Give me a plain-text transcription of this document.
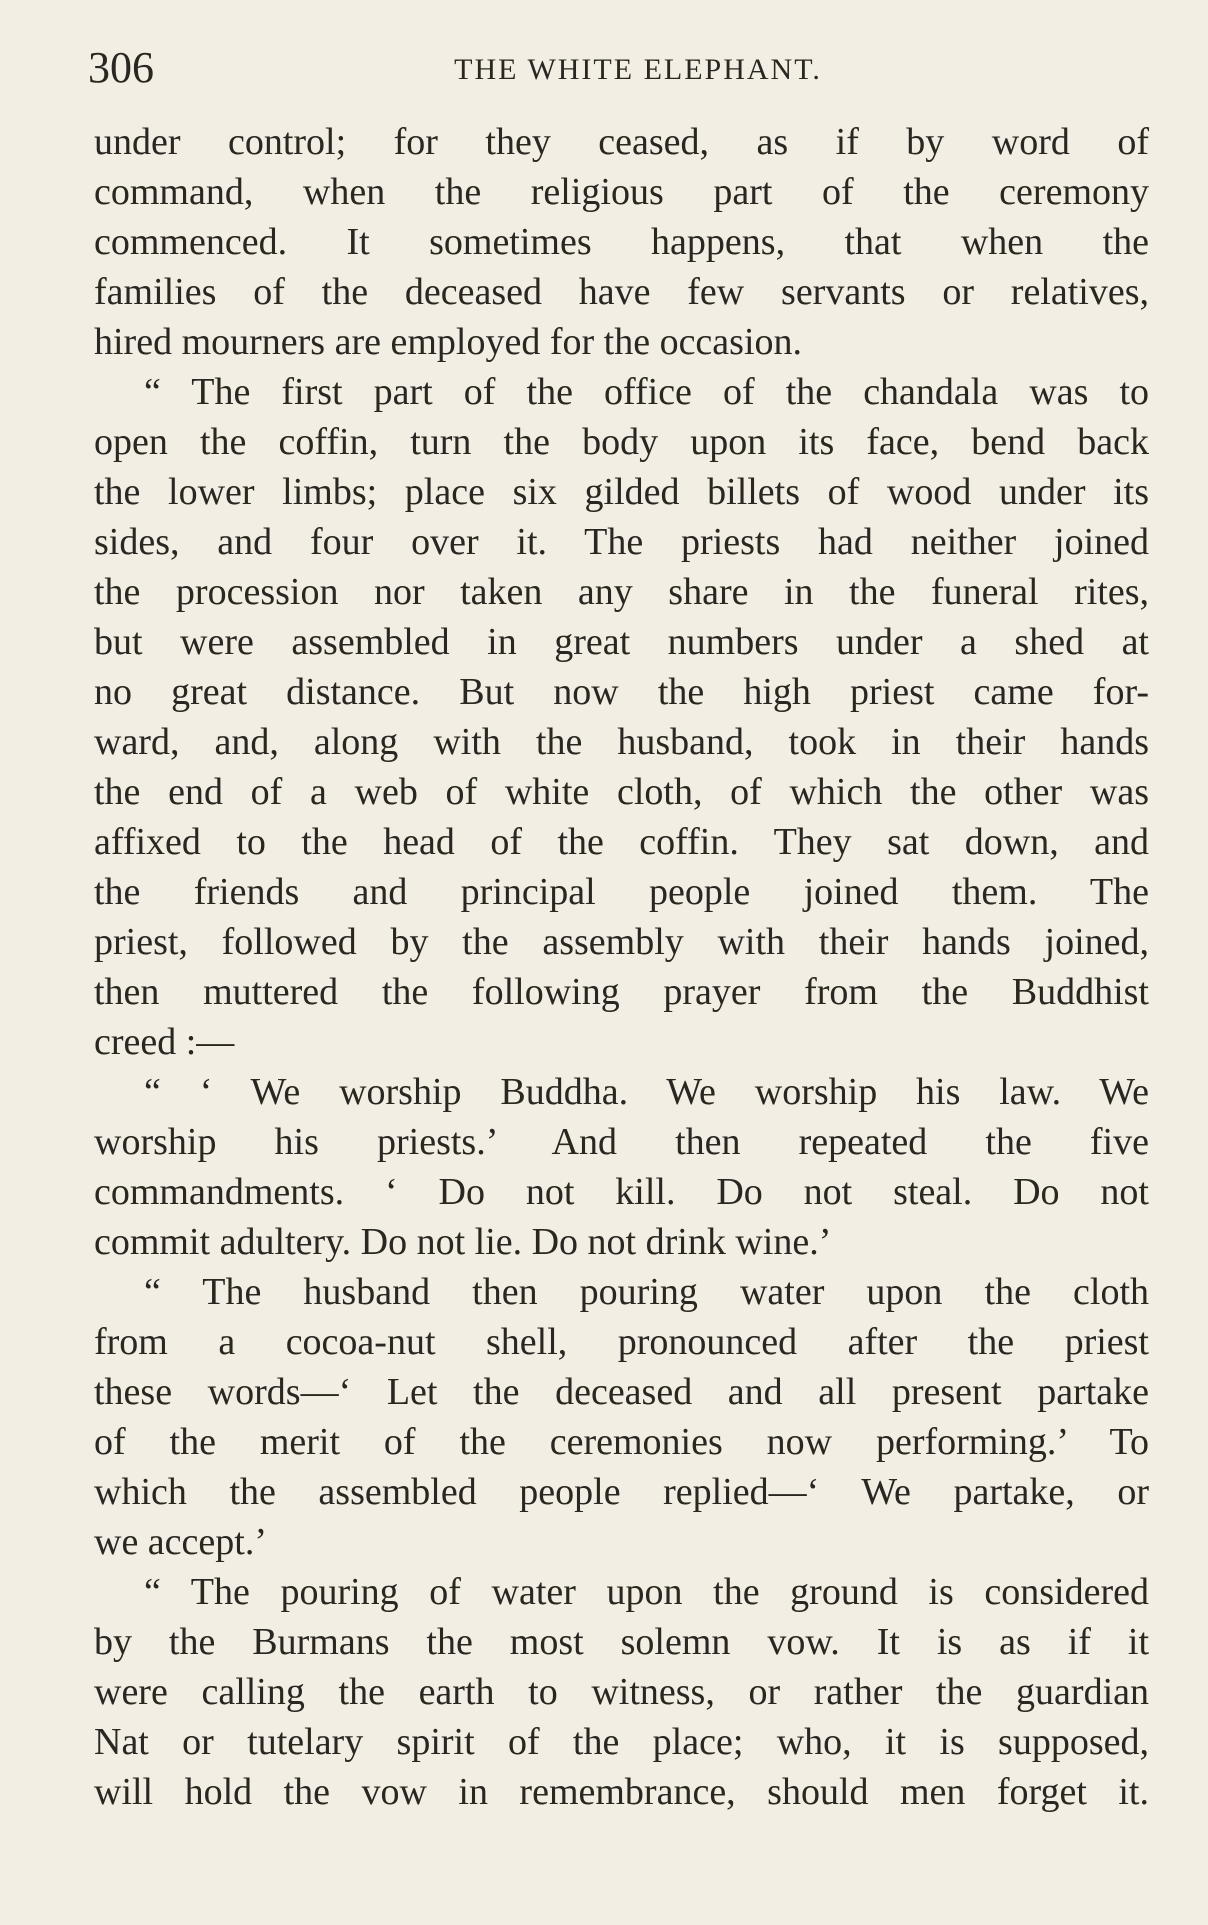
306	THE WHITE ELEPHANT.
under control; for they ceased, as if by word of
command, when the religious part of the ceremony
commenced. It sometimes happens, that when the
families of the deceased have few servants or relatives,
hired mourners are employed for the occasion.
“ The first part of the office of the chandala was to
open the coffin, turn the body upon its face, bend back
the lower limbs; place six gilded billets of wood under its
sides, and four over it. The priests had neither joined
the procession nor taken any share in the funeral rites,
but were assembled in great numbers under a shed at
no great distance. But now the high priest came for-
ward, and, along with the husband, took in their hands
the end of a web of white cloth, of which the other was
affixed to the head of the coffin. They sat down, and
the friends and principal people joined them. The
priest, followed by the assembly with their hands joined,
then muttered the following prayer from the Buddhist
creed :—
“ ‘ We worship Buddha. We worship his law. We
worship his priests.’ And then repeated the five
commandments. ‘ Do not kill. Do not steal. Do not
commit adultery. Do not lie. Do not drink wine.’
“ The husband then pouring water upon the cloth
from a cocoa-nut shell, pronounced after the priest
these words—‘ Let the deceased and all present partake
of the merit of the ceremonies now performing.’ To
which the assembled people replied—‘ We partake, or
we accept.’
“ The pouring of water upon the ground is considered
by the Burmans the most solemn vow. It is as if it
were calling the earth to witness, or rather the guardian
Nat or tutelary spirit of the place; who, it is supposed,
will hold the vow in remembrance, should men forget it.
